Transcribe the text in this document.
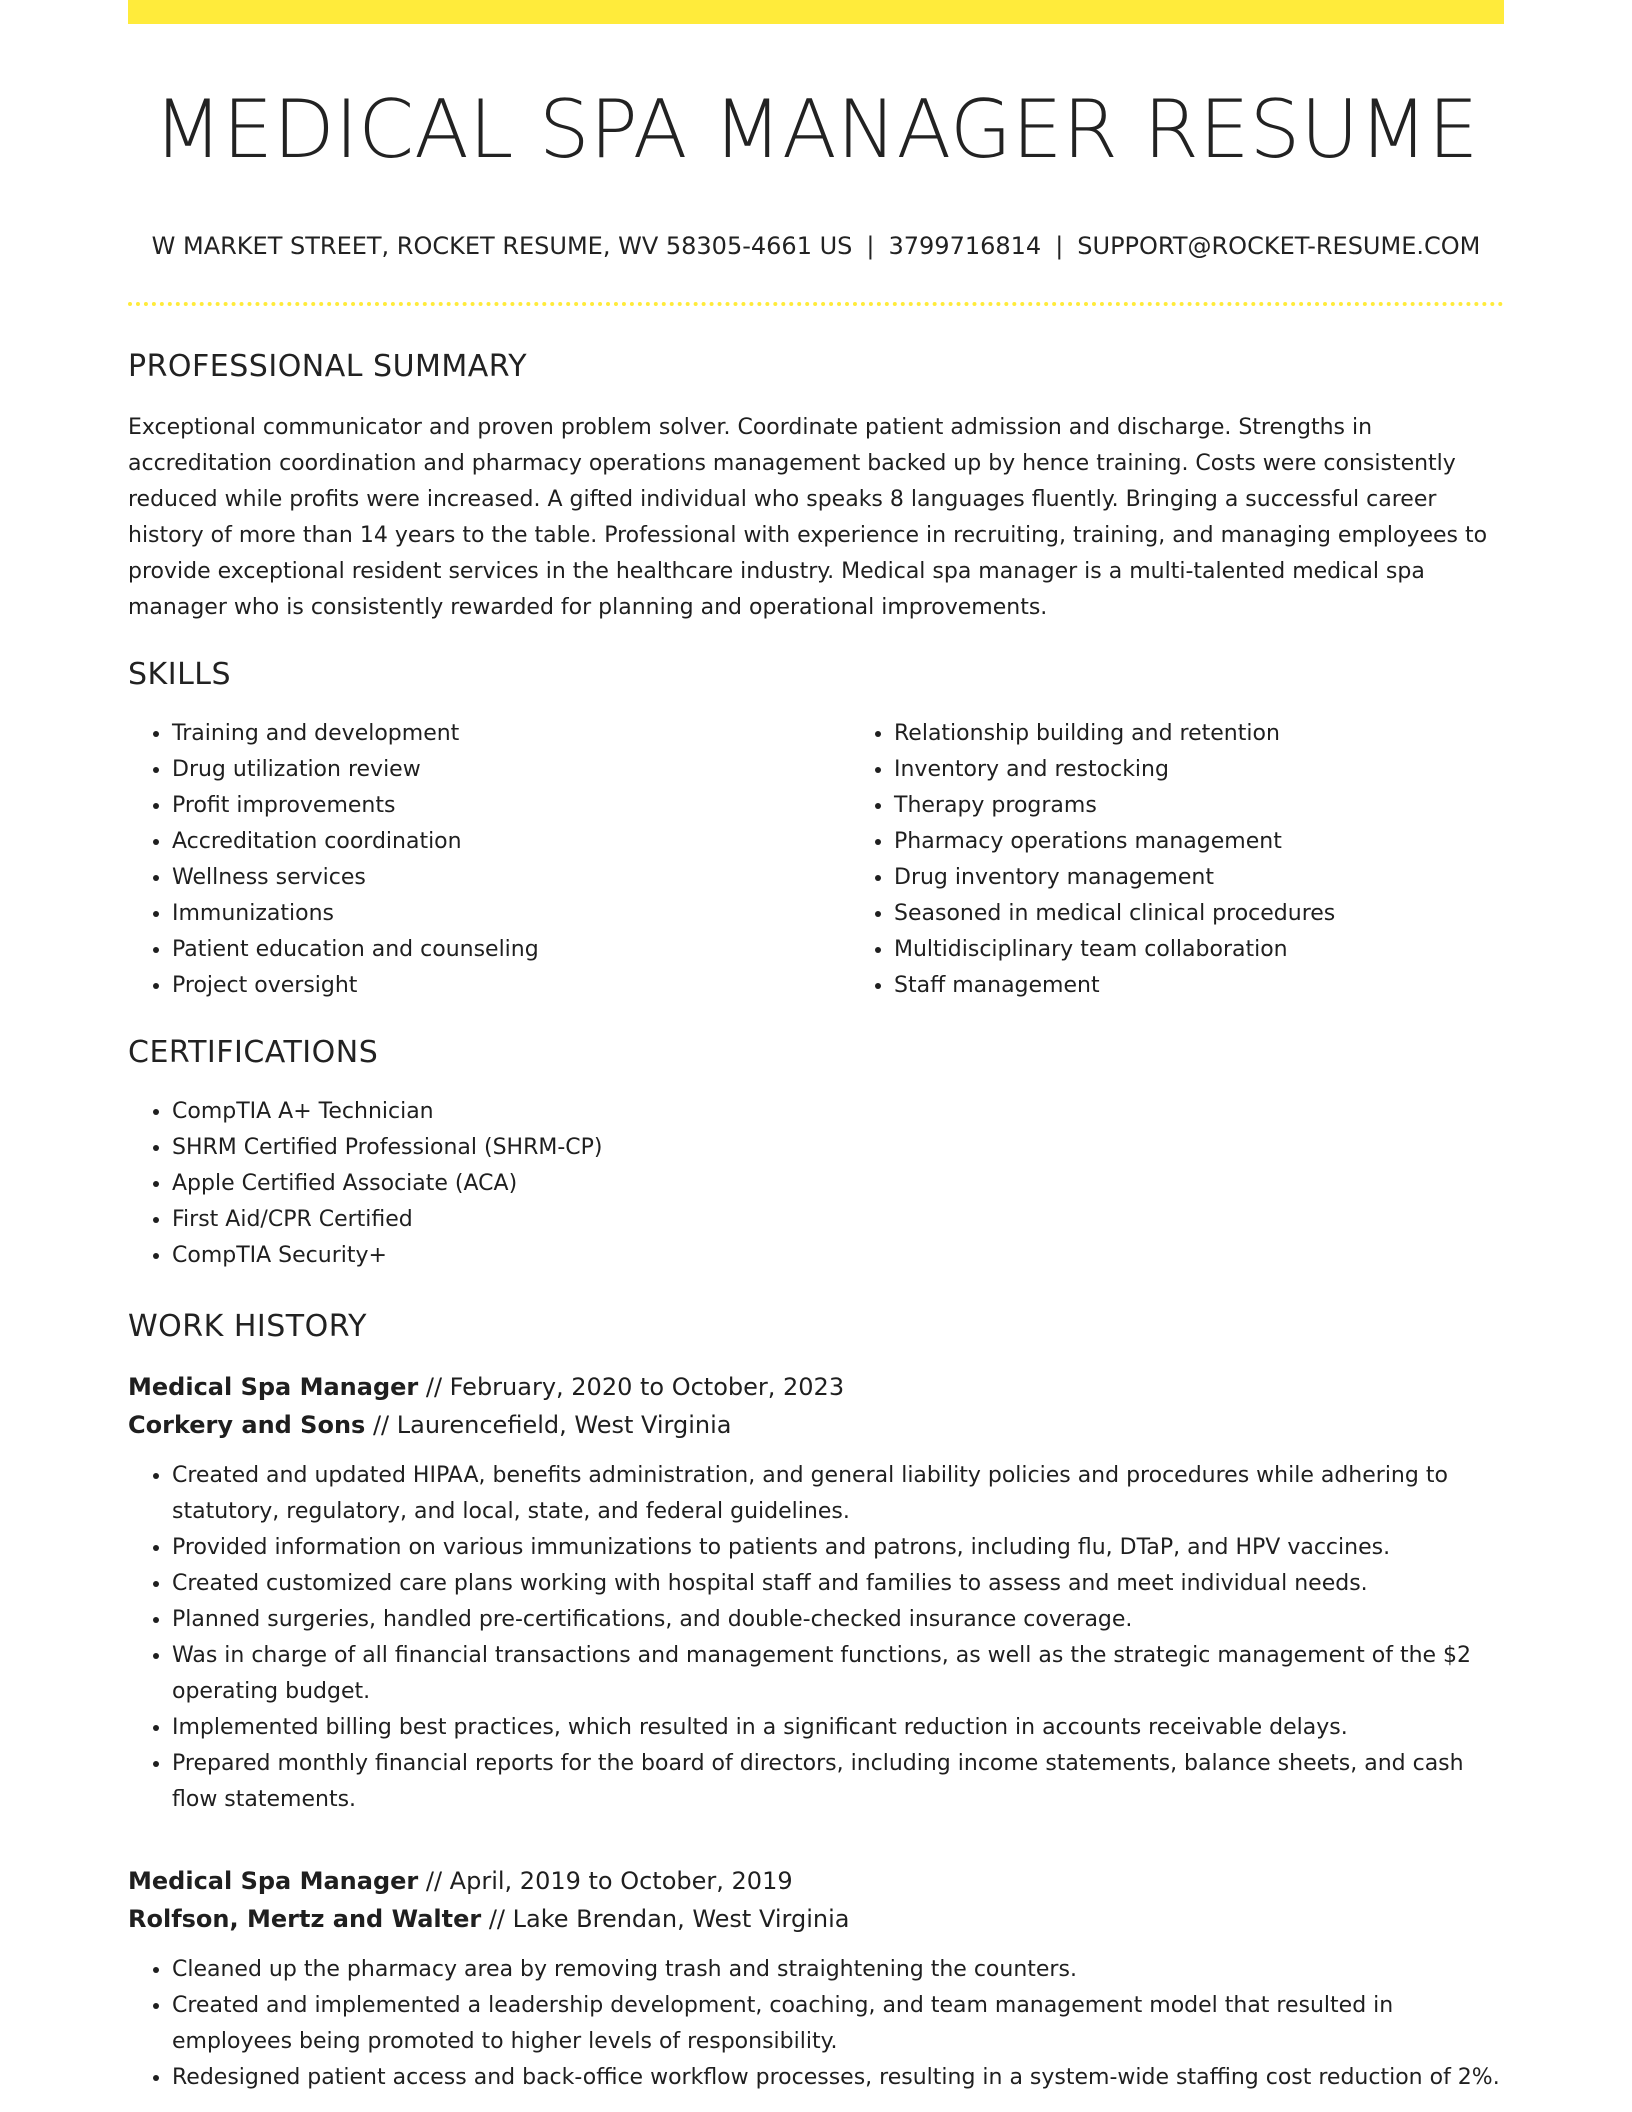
MEDICAL SPA MANAGER RESUME
W MARKET STREET, ROCKET RESUME, WV 58305-4661 US | 3799716814 | SUPPORT@ROCKET-RESUME.COM
PROFESSIONAL SUMMARY

Exceptional communicator and proven problem solver. Coordinate patient admission and discharge. Strengths in accreditation coordination and pharmacy operations management backed up by hence training. Costs were consistently reduced while profits were increased. A gifted individual who speaks 8 languages fluently. Bringing a successful career history of more than 14 years to the table. Professional with experience in recruiting, training, and managing employees to provide exceptional resident services in the healthcare industry. Medical spa manager is a multi-talented medical spa manager who is consistently rewarded for planning and operational improvements.

SKILLS
• Training and development
• Drug utilization review
• Profit improvements
• Accreditation coordination
• Wellness services
• Immunizations
• Patient education and counseling
• Project oversight
• Relationship building and retention
• Inventory and restocking
• Therapy programs
• Pharmacy operations management
• Drug inventory management
• Seasoned in medical clinical procedures
• Multidisciplinary team collaboration
• Staff management
CERTIFICATIONS
• CompTIA A+ Technician
• SHRM Certified Professional (SHRM-CP)
• Apple Certified Associate (ACA)
• First Aid/CPR Certified
• CompTIA Security+
WORK HISTORY
Medical Spa Manager // February, 2020 to October, 2023
Corkery and Sons // Laurencefield, West Virginia
• Created and updated HIPAA, benefits administration, and general liability policies and procedures while adhering to statutory, regulatory, and local, state, and federal guidelines.
• Provided information on various immunizations to patients and patrons, including flu, DTaP, and HPV vaccines.
• Created customized care plans working with hospital staff and families to assess and meet individual needs.
• Planned surgeries, handled pre-certifications, and double-checked insurance coverage.
• Was in charge of all financial transactions and management functions, as well as the strategic management of the $2 operating budget.
• Implemented billing best practices, which resulted in a significant reduction in accounts receivable delays.
• Prepared monthly financial reports for the board of directors, including income statements, balance sheets, and cash flow statements.
Medical Spa Manager // April, 2019 to October, 2019
Rolfson, Mertz and Walter // Lake Brendan, West Virginia
• Cleaned up the pharmacy area by removing trash and straightening the counters.
• Created and implemented a leadership development, coaching, and team management model that resulted in employees being promoted to higher levels of responsibility.
• Redesigned patient access and back-office workflow processes, resulting in a system-wide staffing cost reduction of 2%.
